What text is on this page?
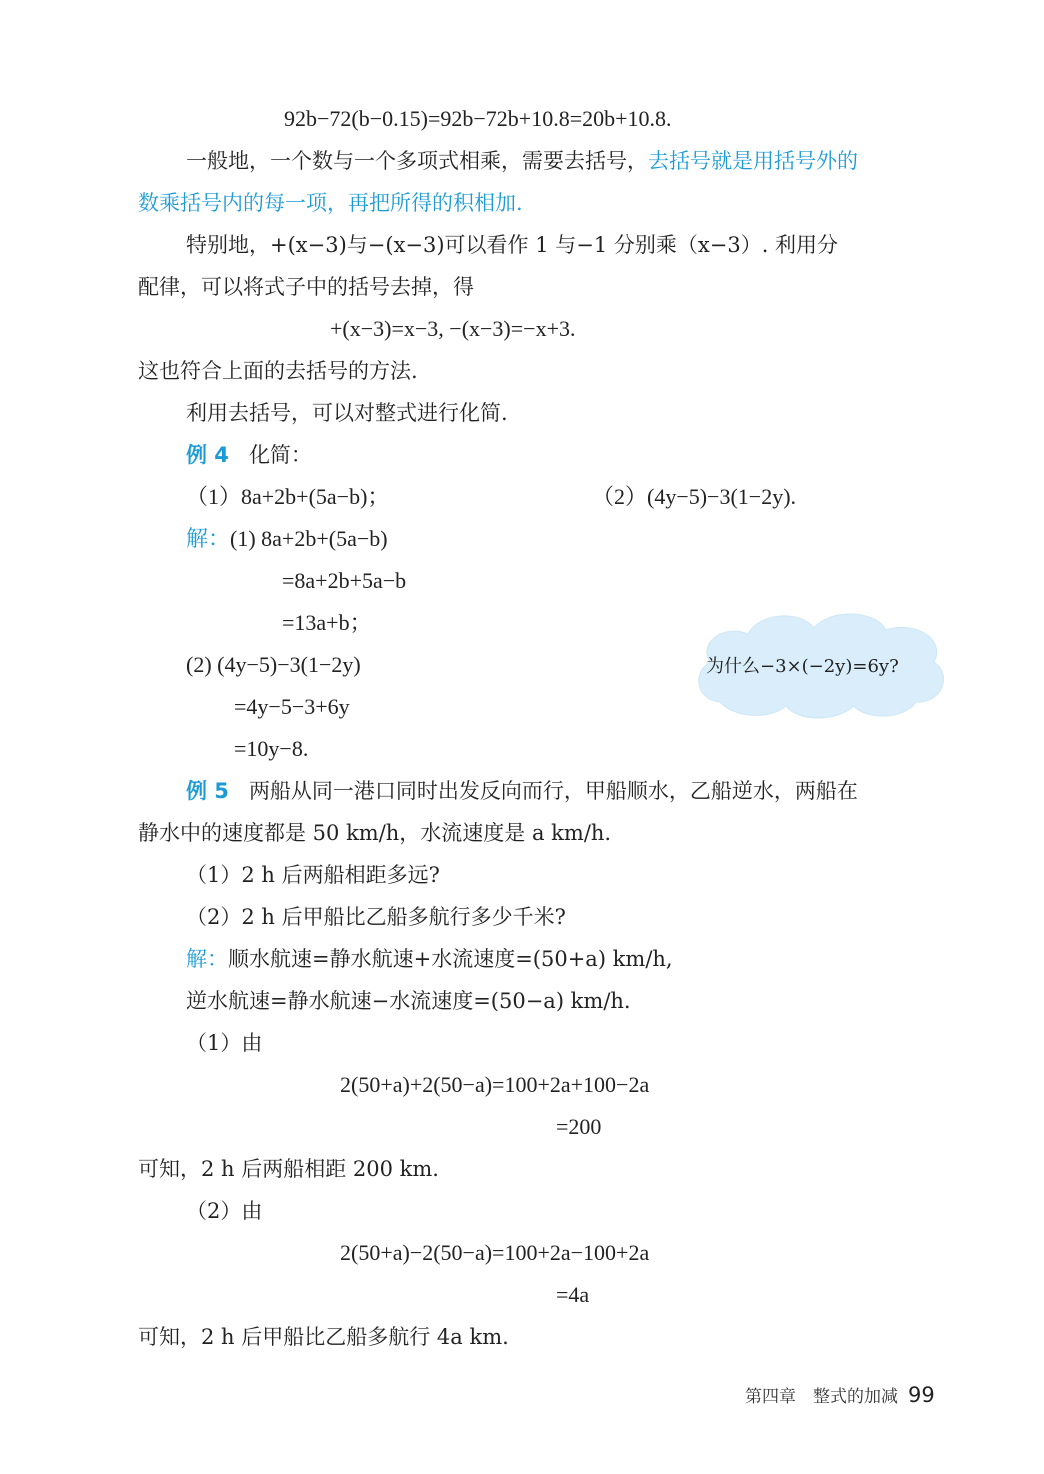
92b−72(b−0.15)=92b−72b+10.8=20b+10.8.
一般地，一个数与一个多项式相乘，需要去括号，去括号就是用括号外的
数乘括号内的每一项，再把所得的积相加.
特别地，+(x−3)与−(x−3)可以看作 1 与−1 分别乘（x−3）. 利用分
配律，可以将式子中的括号去掉，得
+(x−3)=x−3, −(x−3)=−x+3.
这也符合上面的去括号的方法.
利用去括号，可以对整式进行化简.
例 4 化简：
（1）8a+2b+(5a−b)；	（2）(4y−5)−3(1−2y).
解：(1) 8a+2b+(5a−b)
=8a+2b+5a−b
=13a+b；
(2) (4y−5)−3(1−2y)
=4y−5−3+6y
=10y−8.
为什么−3×(−2y)=6y?
例 5 两船从同一港口同时出发反向而行，甲船顺水，乙船逆水，两船在
静水中的速度都是 50 km/h，水流速度是 a km/h.
（1）2 h 后两船相距多远?
（2）2 h 后甲船比乙船多航行多少千米?
解：顺水航速=静水航速+水流速度=(50+a) km/h,
逆水航速=静水航速−水流速度=(50−a) km/h.
（1）由
2(50+a)+2(50−a)=100+2a+100−2a
=200
可知，2 h 后两船相距 200 km.
（2）由
2(50+a)−2(50−a)=100+2a−100+2a
=4a
可知，2 h 后甲船比乙船多航行 4a km.
第四章　整式的加减 99
